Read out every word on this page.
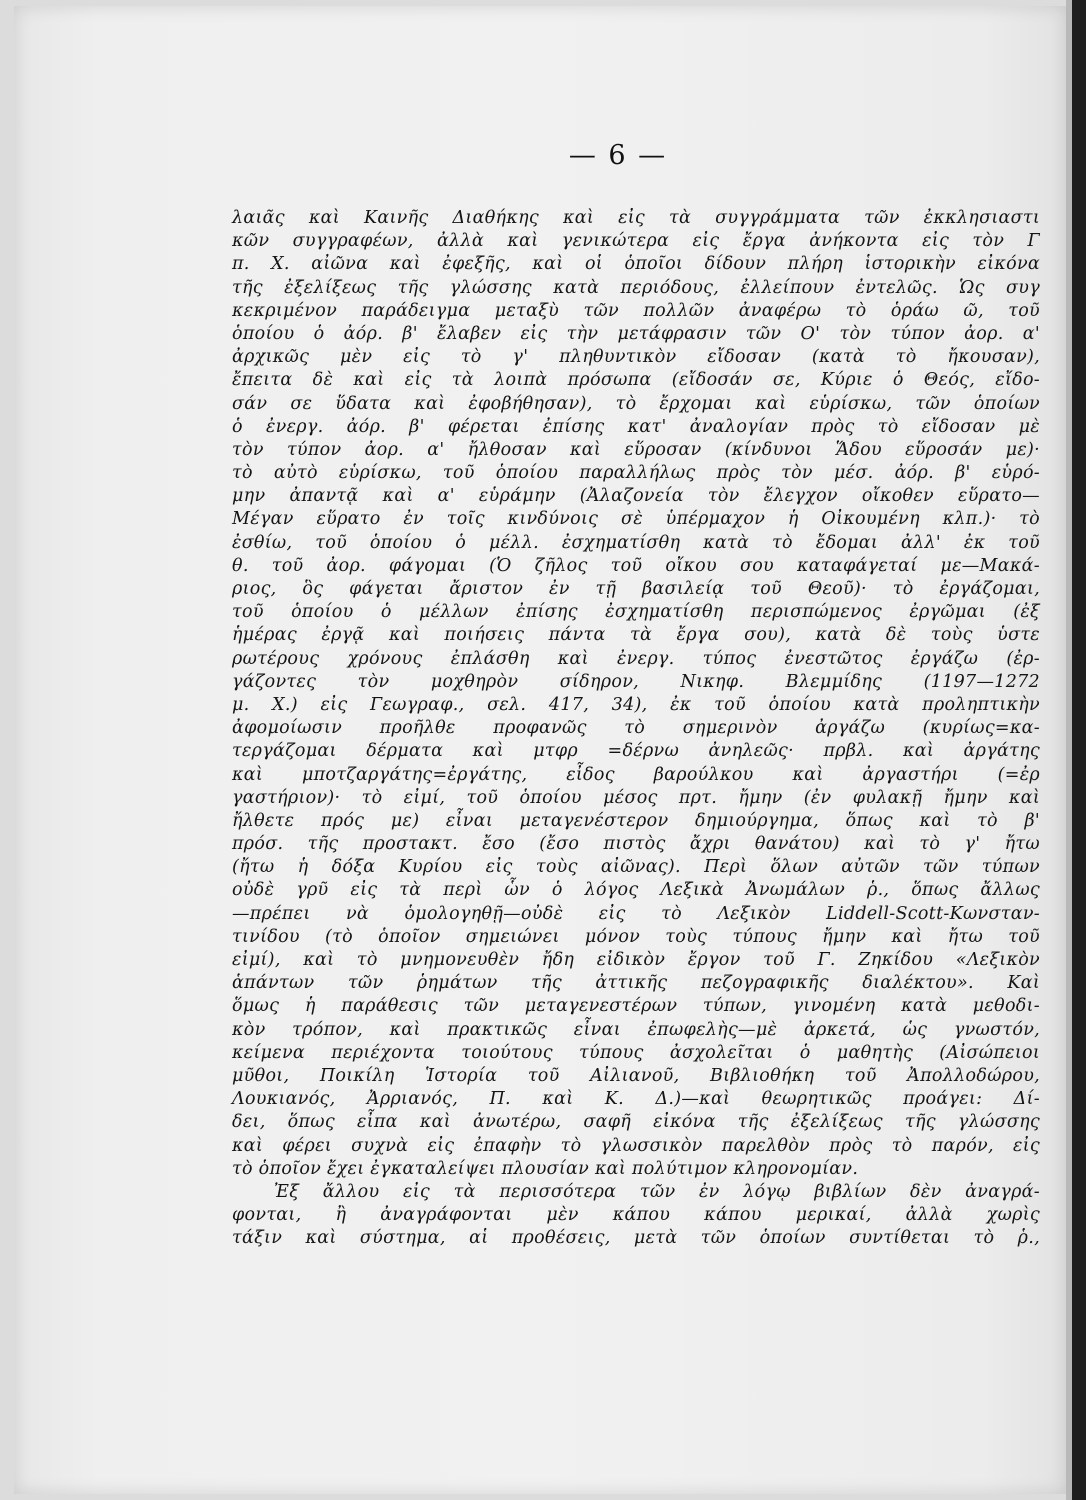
— 6 —
λαιᾶς καὶ Καινῆς Διαθήκης καὶ εἰς τὰ συγγράμματα τῶν ἐκκλησιαστι
κῶν συγγραφέων, ἀλλὰ καὶ γενικώτερα εἰς ἔργα ἀνήκοντα εἰς τὸν Γ
π. Χ. αἰῶνα καὶ ἐφεξῆς, καὶ οἱ ὁποῖοι δίδουν πλήρη ἱστορικὴν εἰκόνα
τῆς ἐξελίξεως τῆς γλώσσης κατὰ περιόδους, ἐλλείπουν ἐντελῶς. Ὡς συγ
κεκριμένον παράδειγμα μεταξὺ τῶν πολλῶν ἀναφέρω τὸ ὁράω ῶ, τοῦ
ὁποίου ὁ ἀόρ. β' ἔλαβεν εἰς τὴν μετάφρασιν τῶν Ο' τὸν τύπον ἀορ. α'
ἀρχικῶς μὲν εἰς τὸ γ' πληθυντικὸν εἴδοσαν (κατὰ τὸ ἤκουσαν),
ἔπειτα δὲ καὶ εἰς τὰ λοιπὰ πρόσωπα (εἴδοσάν σε, Κύριε ὁ Θεός, εἴδο-
σάν σε ὕδατα καὶ ἐφοβήθησαν), τὸ ἔρχομαι καὶ εὑρίσκω, τῶν ὁποίων
ὁ ἐνεργ. ἀόρ. β' φέρεται ἐπίσης κατ' ἀναλογίαν πρὸς τὸ εἴδοσαν μὲ
τὸν τύπον ἀορ. α' ἤλθοσαν καὶ εὕροσαν (κίνδυνοι Ἅδου εὕροσάν με)·
τὸ αὐτὸ εὑρίσκω, τοῦ ὁποίου παραλλήλως πρὸς τὸν μέσ. ἀόρ. β' εὑρό-
μην ἀπαντᾷ καὶ α' εὑράμην (Ἀλαζονεία τὸν ἔλεγχον οἴκοθεν εὕρατο—
Μέγαν εὕρατο ἐν τοῖς κινδύνοις σὲ ὑπέρμαχον ἡ Οἰκουμένη κλπ.)· τὸ
ἐσθίω, τοῦ ὁποίου ὁ μέλλ. ἐσχηματίσθη κατὰ τὸ ἔδομαι ἀλλ' ἐκ τοῦ
θ. τοῦ ἀορ. φάγομαι (Ὁ ζῆλος τοῦ οἴκου σου καταφάγεταί με—Μακά-
ριος, ὃς φάγεται ἄριστον ἐν τῇ βασιλείᾳ τοῦ Θεοῦ)· τὸ ἐργάζομαι,
τοῦ ὁποίου ὁ μέλλων ἐπίσης ἐσχηματίσθη περισπώμενος ἐργῶμαι (ἐξ
ἡμέρας ἐργᾷ καὶ ποιήσεις πάντα τὰ ἔργα σου), κατὰ δὲ τοὺς ὑστε
ρωτέρους χρόνους ἐπλάσθη καὶ ἐνεργ. τύπος ἐνεστῶτος ἐργάζω (ἐρ-
γάζοντες τὸν μοχθηρὸν σίδηρον, Νικηφ. Βλεμμίδης (1197—1272
μ. Χ.) εἰς Γεωγραφ., σελ. 417, 34), ἐκ τοῦ ὁποίου κατὰ προληπτικὴν
ἀφομοίωσιν προῆλθε προφανῶς τὸ σημερινὸν ἀργάζω (κυρίως=κα-
τεργάζομαι δέρματα καὶ μτφρ =δέρνω ἀνηλεῶς· πρβλ. καὶ ἀργάτης
καὶ μποτζαργάτης=ἐργάτης, εἶδος βαρούλκου καὶ ἀργαστήρι (=ἐρ
γαστήριον)· τὸ εἰμί, τοῦ ὁποίου μέσος πρτ. ἤμην (ἐν φυλακῇ ἤμην καὶ
ἤλθετε πρός με) εἶναι μεταγενέστερον δημιούργημα, ὅπως καὶ τὸ β'
πρόσ. τῆς προστακτ. ἔσο (ἔσο πιστὸς ἄχρι θανάτου) καὶ τὸ γ' ἤτω
(ἤτω ἡ δόξα Κυρίου εἰς τοὺς αἰῶνας). Περὶ ὅλων αὐτῶν τῶν τύπων
οὐδὲ γρῦ εἰς τὰ περὶ ὧν ὁ λόγος Λεξικὰ Ἀνωμάλων ῥ., ὅπως ἄλλως
—πρέπει νὰ ὁμολογηθῇ—οὐδὲ εἰς τὸ Λεξικὸν Liddell-Scott-Κωνσταν-
τινίδου (τὸ ὁποῖον σημειώνει μόνον τοὺς τύπους ἤμην καὶ ἤτω τοῦ
εἰμί), καὶ τὸ μνημονευθὲν ἤδη εἰδικὸν ἔργον τοῦ Γ. Ζηκίδου «Λεξικὸν
ἁπάντων τῶν ῥημάτων τῆς ἀττικῆς πεζογραφικῆς διαλέκτου». Καὶ
ὅμως ἡ παράθεσις τῶν μεταγενεστέρων τύπων, γινομένη κατὰ μεθοδι-
κὸν τρόπον, καὶ πρακτικῶς εἶναι ἐπωφελὴς—μὲ ἀρκετά, ὡς γνωστόν,
κείμενα περιέχοντα τοιούτους τύπους ἀσχολεῖται ὁ μαθητὴς (Αἰσώπειοι
μῦθοι, Ποικίλη Ἱστορία τοῦ Αἰλιανοῦ, Βιβλιοθήκη τοῦ Ἀπολλοδώρου,
Λουκιανός, Ἀρριανός, Π. καὶ Κ. Δ.)—καὶ θεωρητικῶς προάγει: Δί-
δει, ὅπως εἶπα καὶ ἀνωτέρω, σαφῆ εἰκόνα τῆς ἐξελίξεως τῆς γλώσσης
καὶ φέρει συχνὰ εἰς ἐπαφὴν τὸ γλωσσικὸν παρελθὸν πρὸς τὸ παρόν, εἰς
τὸ ὁποῖον ἔχει ἐγκαταλείψει πλουσίαν καὶ πολύτιμον κληρονομίαν.
Ἐξ ἄλλου εἰς τὰ περισσότερα τῶν ἐν λόγῳ βιβλίων δὲν ἀναγρά-
φονται, ἢ ἀναγράφονται μὲν κάπου κάπου μερικαί, ἀλλὰ χωρὶς
τάξιν καὶ σύστημα, αἱ προθέσεις, μετὰ τῶν ὁποίων συντίθεται τὸ ῥ.,
